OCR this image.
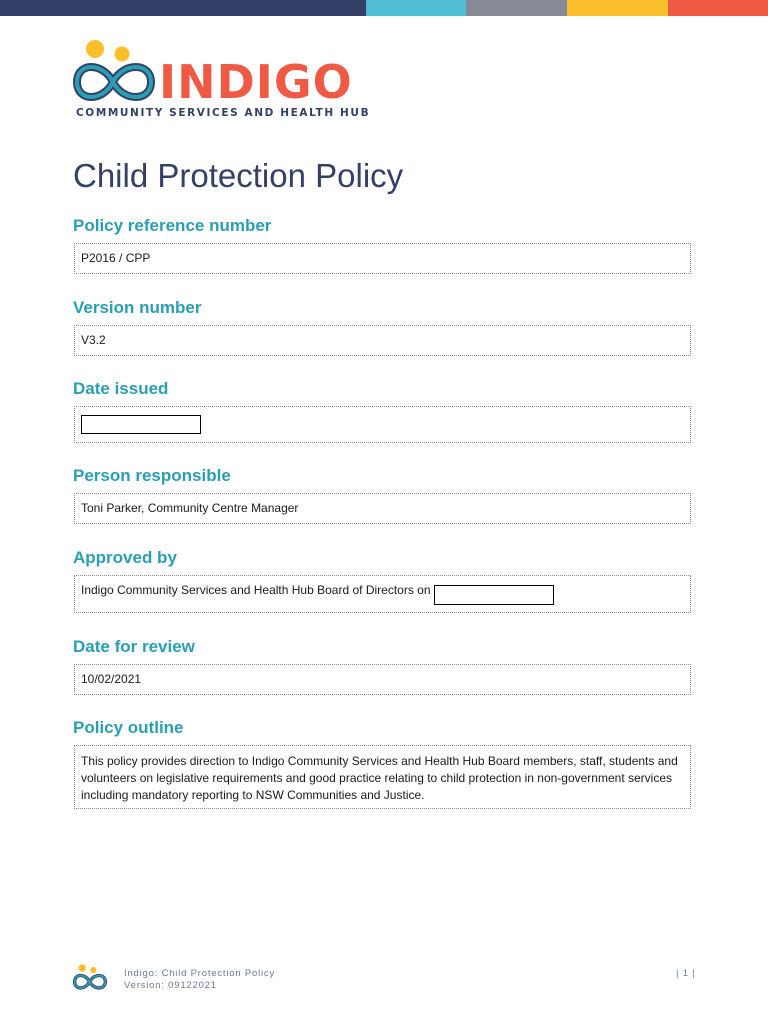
INDIGO
COMMUNITY SERVICES AND HEALTH HUB
Child Protection Policy
Policy reference number
P2016 / CPP
Version number
V3.2
Date issued
Person responsible
Toni Parker, Community Centre Manager
Approved by
Indigo Community Services and Health Hub Board of Directors on
Date for review
10/02/2021
Policy outline
This policy provides direction to Indigo Community Services and Health Hub Board members, staff, students and volunteers on legislative requirements and good practice relating to child protection in non-government services including mandatory reporting to NSW Communities and Justice.
Indigo: Child Protection Policy
Version: 09122021
| 1 |
